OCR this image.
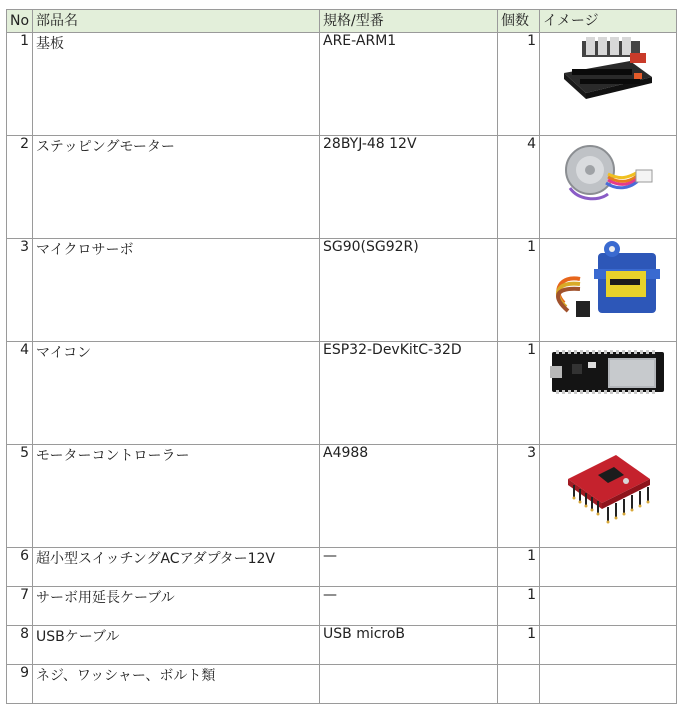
No	部品名	規格/型番	個数	イメージ
1	基板	ARE-ARM1	1	

2	ステッピングモーター	28BYJ-48 12V	4	

3	マイクロサーボ	SG90(SG92R)	1	

4	マイコン	ESP32-DevKitC-32D	1	

5	モーターコントローラー	A4988	3	

6	超小型スイッチングACアダプター12V	—	1	
7	サーボ用延長ケーブル	—	1	
8	USBケーブル	USB microB	1	
9	ネジ、ワッシャー、ボルト類			
